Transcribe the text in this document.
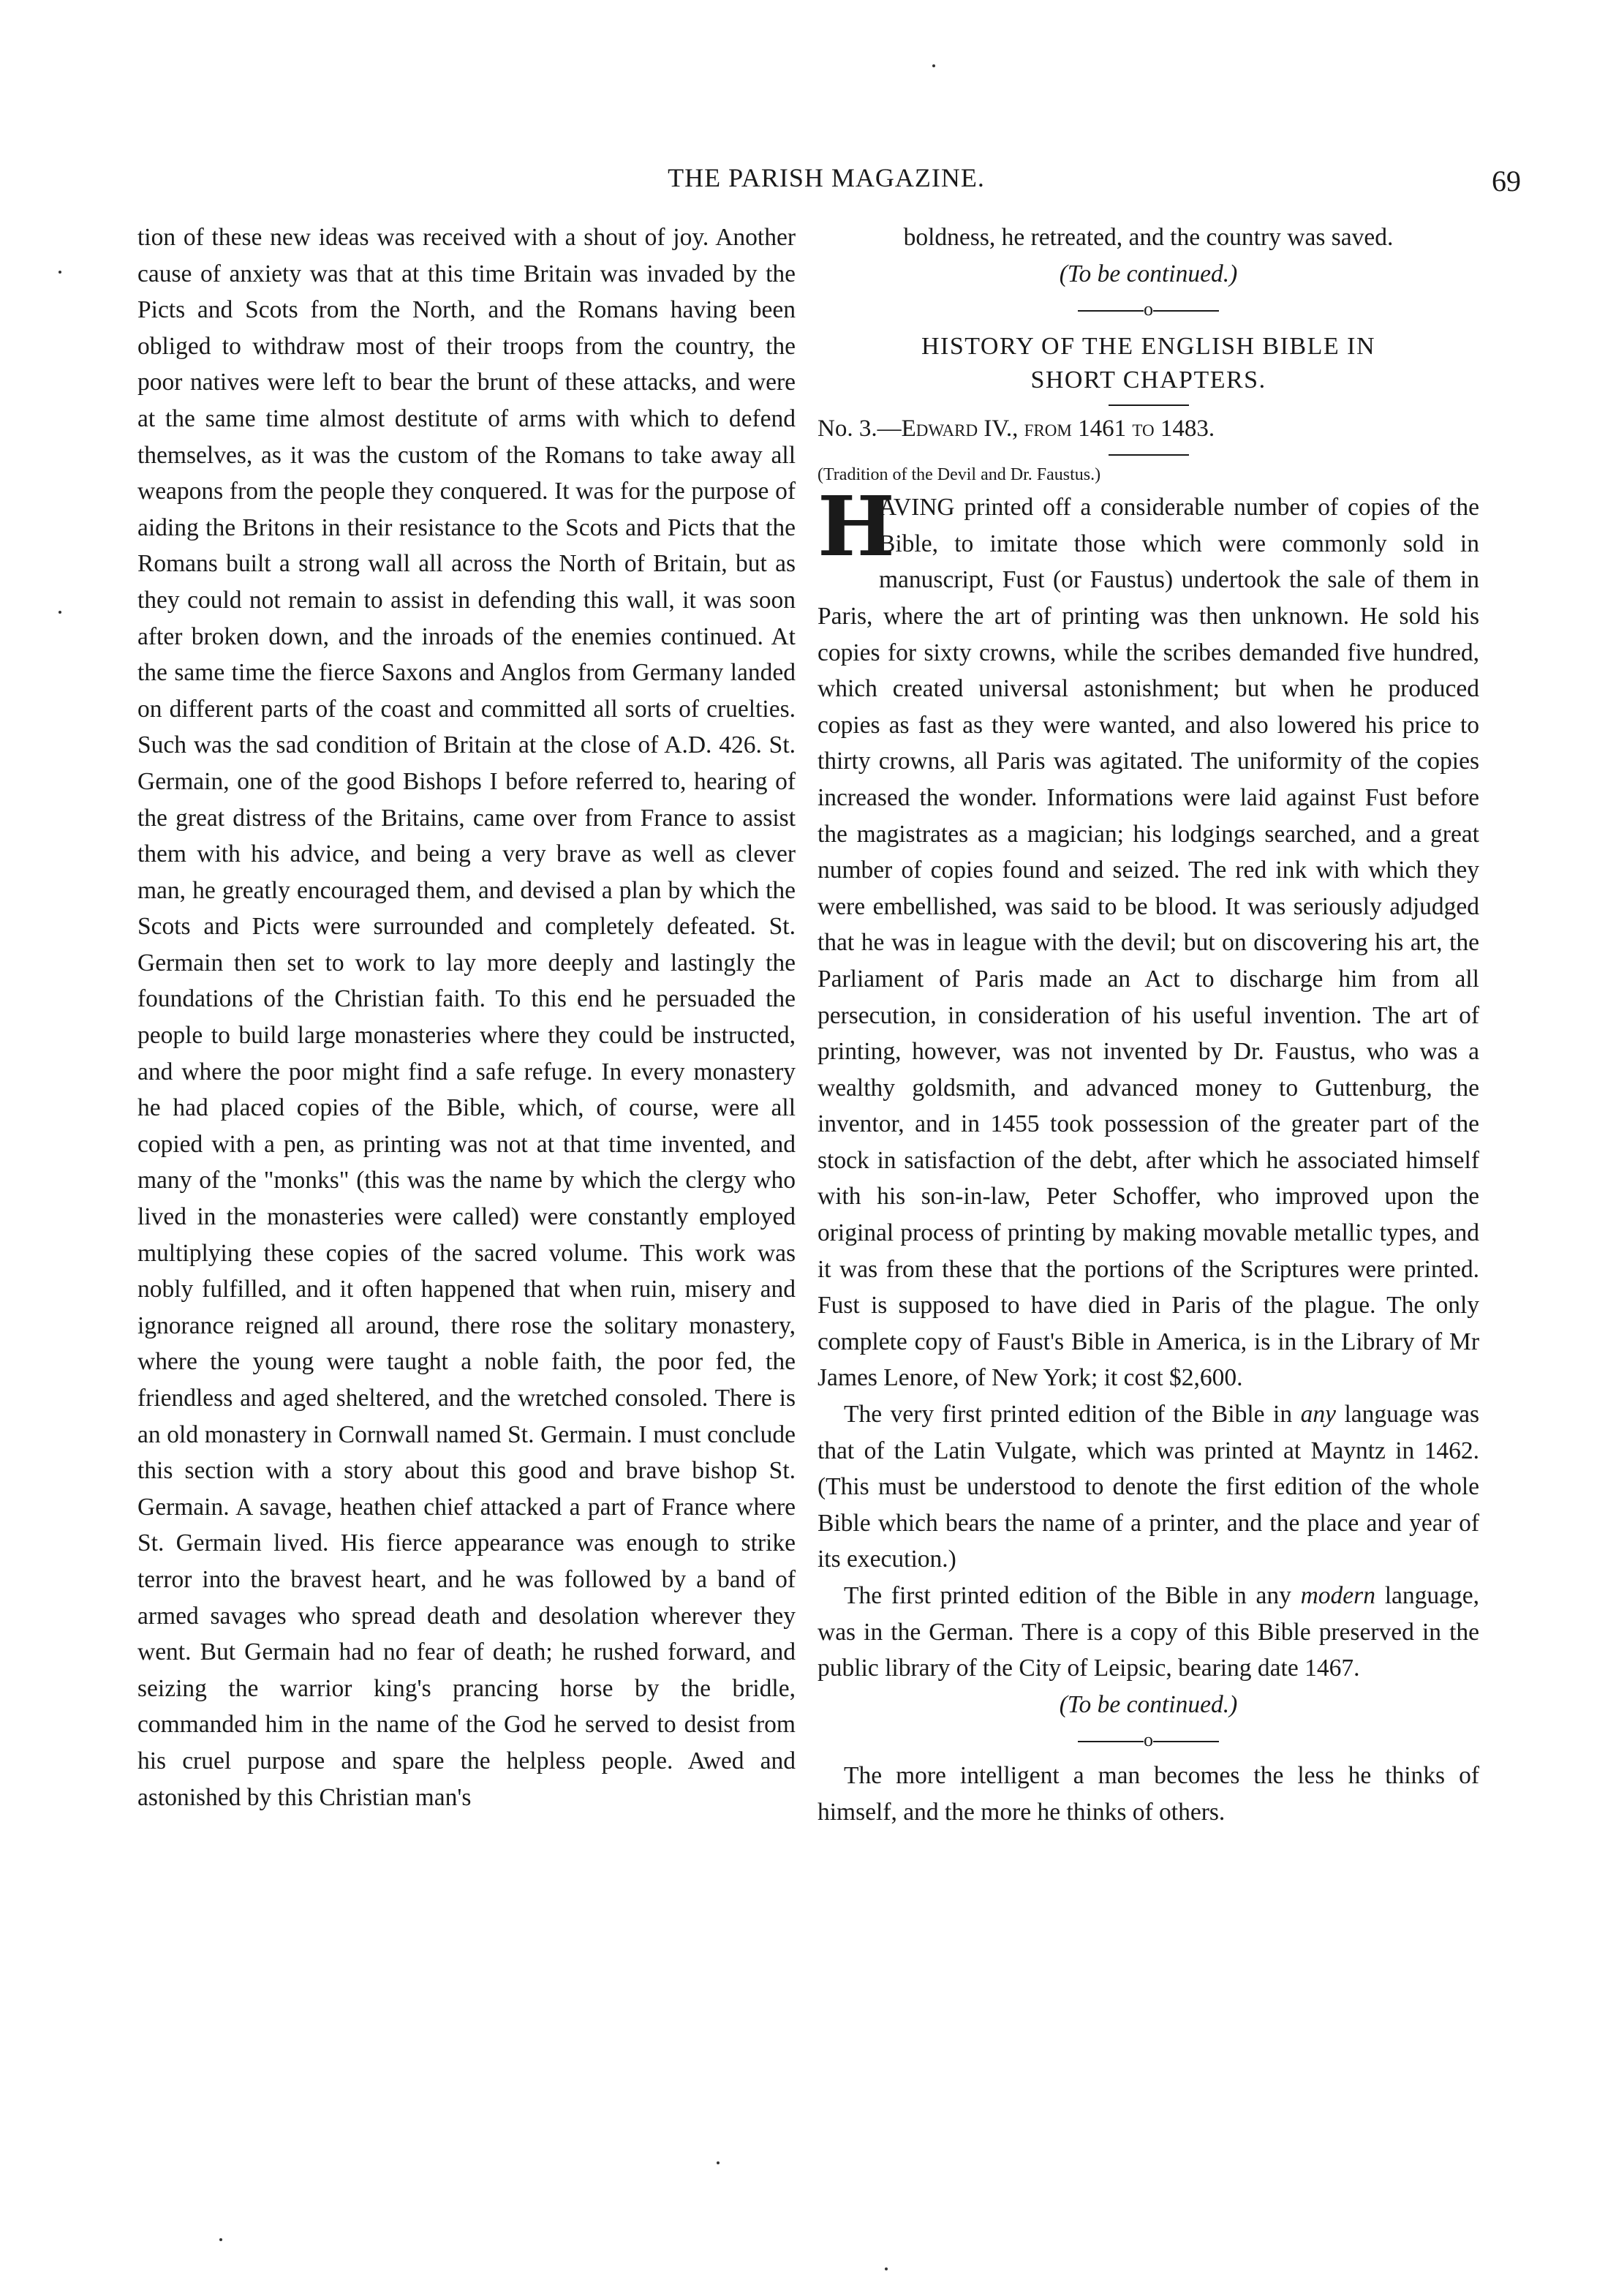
THE PARISH MAGAZINE.	69

tion of these new ideas was received with a shout of joy. Another cause of anxiety was that at this time Britain was invaded by the Picts and Scots from the North, and the Romans having been obliged to withdraw most of their troops from the country, the poor natives were left to bear the brunt of these attacks, and were at the same time almost destitute of arms with which to defend themselves, as it was the custom of the Romans to take away all weapons from the people they conquered. It was for the purpose of aiding the Britons in their resistance to the Scots and Picts that the Romans built a strong wall all across the North of Britain, but as they could not remain to assist in defending this wall, it was soon after broken down, and the inroads of the enemies continued. At the same time the fierce Saxons and Anglos from Germany landed on different parts of the coast and committed all sorts of cruelties. Such was the sad condition of Britain at the close of A.D. 426. St. Germain, one of the good Bishops I before referred to, hearing of the great distress of the Britains, came over from France to assist them with his advice, and being a very brave as well as clever man, he greatly encouraged them, and devised a plan by which the Scots and Picts were surrounded and completely defeated. St. Germain then set to work to lay more deeply and lastingly the foundations of the Christian faith. To this end he persuaded the people to build large monasteries where they could be instructed, and where the poor might find a safe refuge. In every monastery he had placed copies of the Bible, which, of course, were all copied with a pen, as printing was not at that time invented, and many of the "monks" (this was the name by which the clergy who lived in the monasteries were called) were constantly employed multiplying these copies of the sacred volume. This work was nobly fulfilled, and it often happened that when ruin, misery and ignorance reigned all around, there rose the solitary monastery, where the young were taught a noble faith, the poor fed, the friendless and aged sheltered, and the wretched consoled. There is an old monastery in Cornwall named St. Germain. I must conclude this section with a story about this good and brave bishop St. Germain. A savage, heathen chief attacked a part of France where St. Germain lived. His fierce appearance was enough to strike terror into the bravest heart, and he was followed by a band of armed savages who spread death and desolation wherever they went. But Germain had no fear of death; he rushed forward, and seizing the warrior king's prancing horse by the bridle, commanded him in the name of the God he served to desist from his cruel purpose and spare the helpless people. Awed and astonished by this Christian man's

boldness, he retreated, and the country was saved.

(To be continued.)

o
HISTORY OF THE ENGLISH BIBLE IN
SHORT CHAPTERS.

No. 3.—Edward IV., from 1461 to 1483.

(Tradition of the Devil and Dr. Faustus.)

H
AVING printed off a considerable number of copies of the Bible, to imitate those which were commonly sold in manuscript, Fust (or Faustus) undertook the sale of them in Paris, where the art of printing was then unknown. He sold his copies for sixty crowns, while the scribes demanded five hundred, which created universal astonishment; but when he produced copies as fast as they were wanted, and also lowered his price to thirty crowns, all Paris was agitated. The uniformity of the copies increased the wonder. Informations were laid against Fust before the magistrates as a magician; his lodgings searched, and a great number of copies found and seized. The red ink with which they were embellished, was said to be blood. It was seriously adjudged that he was in league with the devil; but on discovering his art, the Parliament of Paris made an Act to discharge him from all persecution, in consideration of his useful invention. The art of printing, however, was not invented by Dr. Faustus, who was a wealthy goldsmith, and advanced money to Guttenburg, the inventor, and in 1455 took possession of the greater part of the stock in satisfaction of the debt, after which he associated himself with his son-in-law, Peter Schoffer, who improved upon the original process of printing by making movable metallic types, and it was from these that the portions of the Scriptures were printed. Fust is supposed to have died in Paris of the plague. The only complete copy of Faust's Bible in America, is in the Library of Mr James Lenore, of New York; it cost $2,600.

The very first printed edition of the Bible in any language was that of the Latin Vulgate, which was printed at Mayntz in 1462. (This must be understood to denote the first edition of the whole Bible which bears the name of a printer, and the place and year of its execution.)

The first printed edition of the Bible in any modern language, was in the German. There is a copy of this Bible preserved in the public library of the City of Leipsic, bearing date 1467.

(To be continued.)

o

The more intelligent a man becomes the less he thinks of himself, and the more he thinks of others.
